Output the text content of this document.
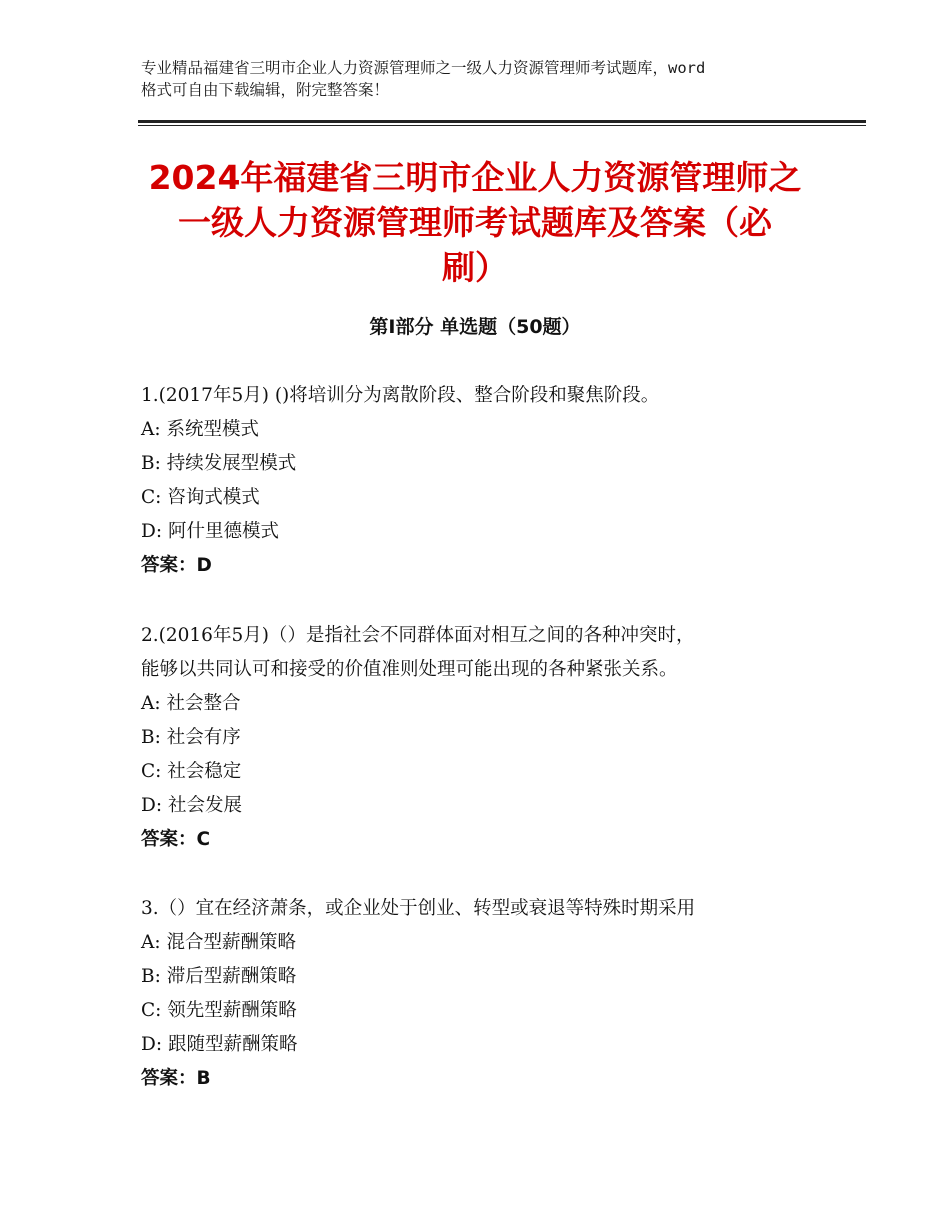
专业精品福建省三明市企业人力资源管理师之一级人力资源管理师考试题库，word
格式可自由下载编辑，附完整答案！
2024年福建省三明市企业人力资源管理师之
一级人力资源管理师考试题库及答案（必
刷）
第Ⅰ部分 单选题（50题）
1.(2017年5月) ()将培训分为离散阶段、整合阶段和聚焦阶段。
A: 系统型模式
B: 持续发展型模式
C: 咨询式模式
D: 阿什里德模式
答案：D
2.(2016年5月)（）是指社会不同群体面对相互之间的各种冲突时，
能够以共同认可和接受的价值准则处理可能出现的各种紧张关系。
A: 社会整合
B: 社会有序
C: 社会稳定
D: 社会发展
答案：C
3.（）宜在经济萧条，或企业处于创业、转型或衰退等特殊时期采用
A: 混合型薪酬策略
B: 滞后型薪酬策略
C: 领先型薪酬策略
D: 跟随型薪酬策略
答案：B
